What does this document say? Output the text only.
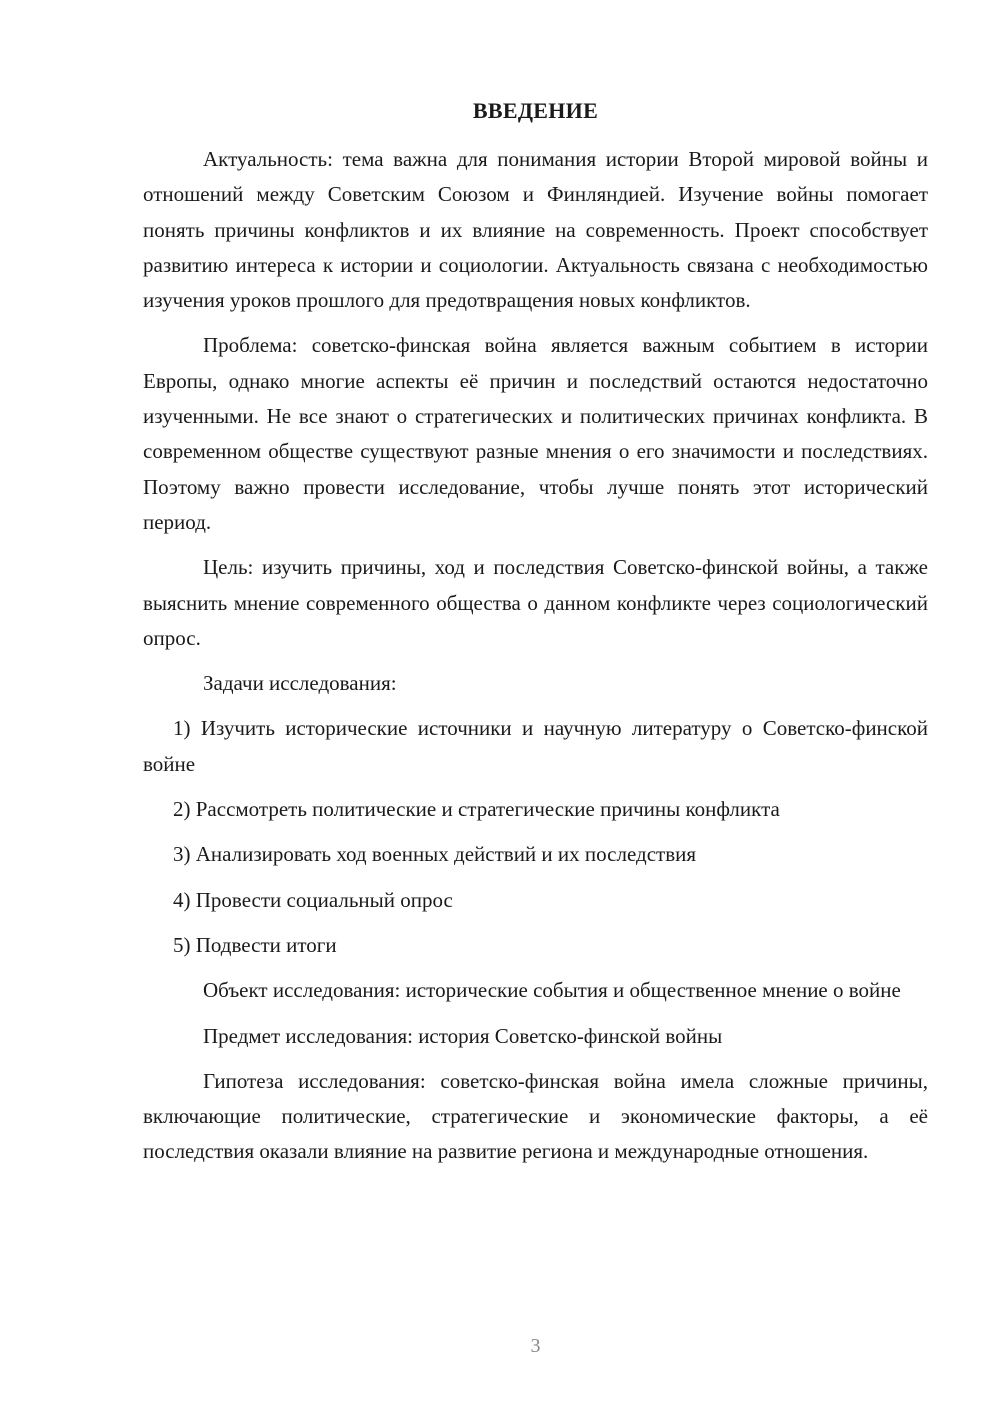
ВВЕДЕНИЕ

Актуальность: тема важна для понимания истории Второй мировой войны и отношений между Советским Союзом и Финляндией. Изучение войны помогает понять причины конфликтов и их влияние на современность. Проект способствует развитию интереса к истории и социологии. Актуальность связана с необходимостью изучения уроков прошлого для предотвращения новых конфликтов.

Проблема: советско-финская война является важным событием в истории Европы, однако многие аспекты её причин и последствий остаются недостаточно изученными. Не все знают о стратегических и политических причинах конфликта. В современном обществе существуют разные мнения о его значимости и последствиях. Поэтому важно провести исследование, чтобы лучше понять этот исторический период.

Цель: изучить причины, ход и последствия Советско-финской войны, а также выяснить мнение современного общества о данном конфликте через социологический опрос.

Задачи исследования:

1) Изучить исторические источники и научную литературу о Советско-финской войне

2) Рассмотреть политические и стратегические причины конфликта

3) Анализировать ход военных действий и их последствия

4) Провести социальный опрос

5) Подвести итоги

Объект исследования: исторические события и общественное мнение о войне

Предмет исследования: история Советско-финской войны

Гипотеза исследования: советско-финская война имела сложные причины, включающие политические, стратегические и экономические факторы, а её последствия оказали влияние на развитие региона и международные отношения.

3
